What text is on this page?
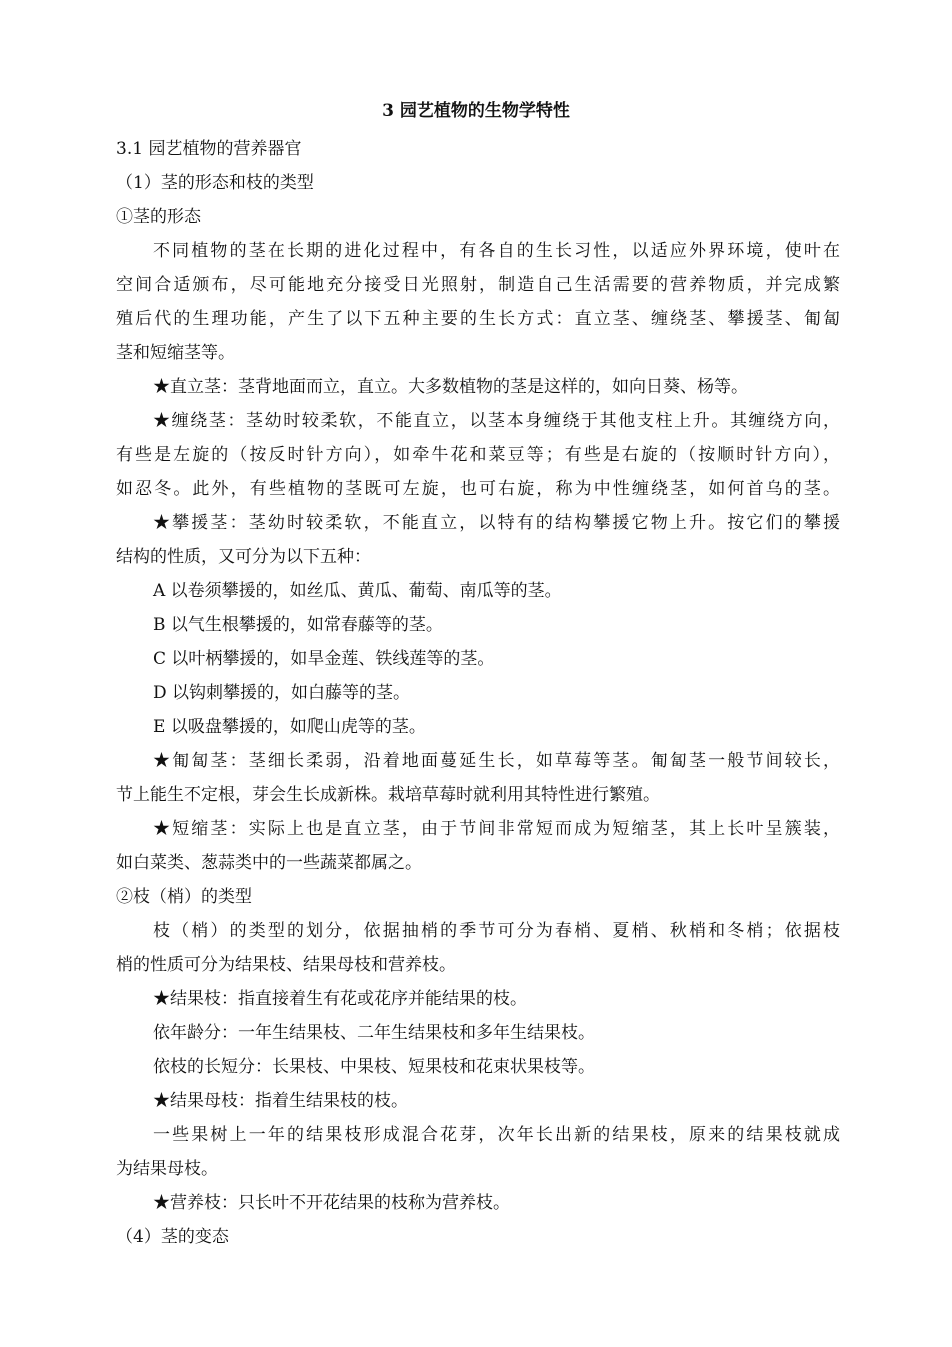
3 园艺植物的生物学特性
3.1 园艺植物的营养器官
（1）茎的形态和枝的类型
①茎的形态
不同植物的茎在长期的进化过程中，有各自的生长习性，以适应外界环境，使叶在
空间合适颁布，尽可能地充分接受日光照射，制造自己生活需要的营养物质，并完成繁
殖后代的生理功能，产生了以下五种主要的生长方式：直立茎、缠绕茎、攀援茎、匍匐
茎和短缩茎等。
★直立茎：茎背地面而立，直立。大多数植物的茎是这样的，如向日葵、杨等。
★缠绕茎：茎幼时较柔软，不能直立，以茎本身缠绕于其他支柱上升。其缠绕方向，
有些是左旋的（按反时针方向），如牵牛花和菜豆等；有些是右旋的（按顺时针方向），
如忍冬。此外，有些植物的茎既可左旋，也可右旋，称为中性缠绕茎，如何首乌的茎。
★攀援茎：茎幼时较柔软，不能直立，以特有的结构攀援它物上升。按它们的攀援
结构的性质，又可分为以下五种：
A 以卷须攀援的，如丝瓜、黄瓜、葡萄、南瓜等的茎。
B 以气生根攀援的，如常春藤等的茎。
C 以叶柄攀援的，如旱金莲、铁线莲等的茎。
D 以钩刺攀援的，如白藤等的茎。
E 以吸盘攀援的，如爬山虎等的茎。
★匍匐茎：茎细长柔弱，沿着地面蔓延生长，如草莓等茎。匍匐茎一般节间较长，
节上能生不定根，芽会生长成新株。栽培草莓时就利用其特性进行繁殖。
★短缩茎：实际上也是直立茎，由于节间非常短而成为短缩茎，其上长叶呈簇装，
如白菜类、葱蒜类中的一些蔬菜都属之。
②枝（梢）的类型
枝（梢）的类型的划分，依据抽梢的季节可分为春梢、夏梢、秋梢和冬梢；依据枝
梢的性质可分为结果枝、结果母枝和营养枝。
★结果枝：指直接着生有花或花序并能结果的枝。
依年龄分：一年生结果枝、二年生结果枝和多年生结果枝。
依枝的长短分：长果枝、中果枝、短果枝和花束状果枝等。
★结果母枝：指着生结果枝的枝。
一些果树上一年的结果枝形成混合花芽，次年长出新的结果枝，原来的结果枝就成
为结果母枝。
★营养枝：只长叶不开花结果的枝称为营养枝。
（4）茎的变态
